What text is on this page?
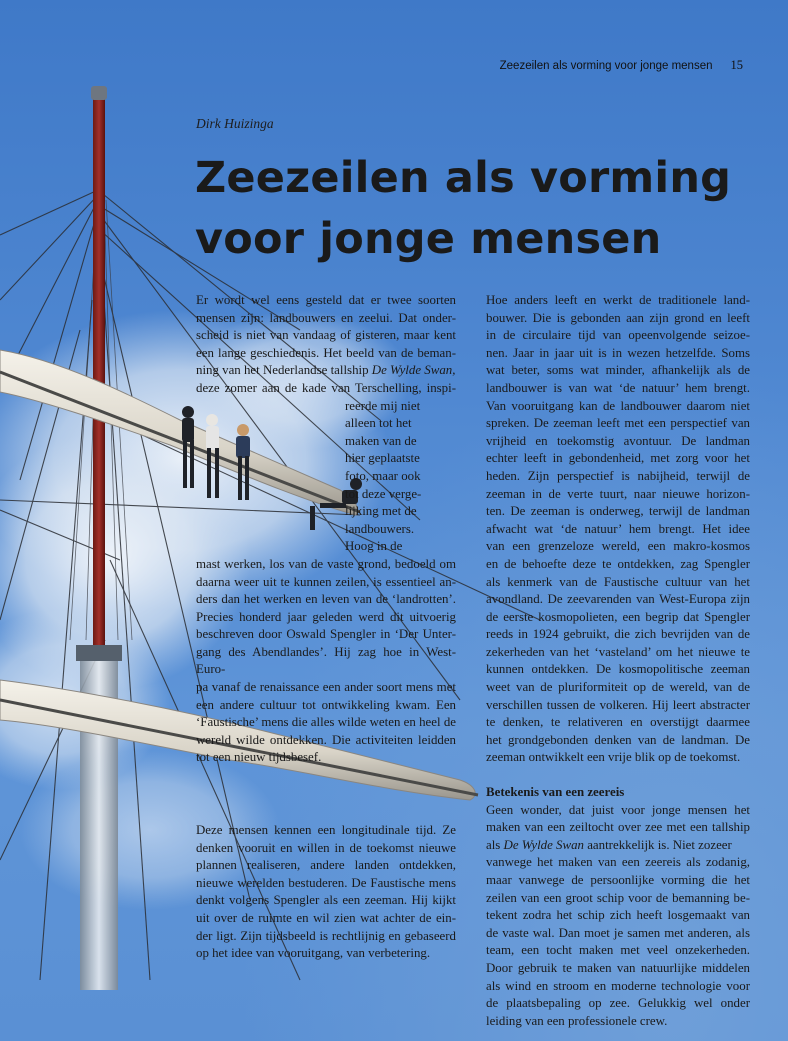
Zeezeilen als vorming voor jonge mensen 15
Dirk Huizinga
Zeezeilen als vorming
voor jonge mensen
Er wordt wel eens gesteld dat er twee soorten
mensen zijn: landbouwers en zeelui. Dat onder-
scheid is niet van vandaag of gisteren, maar kent
een lange geschiedenis. Het beeld van de beman-
ning van het Nederlandse tallship De Wylde Swan,
deze zomer aan de kade van Terschelling, inspi-
reerde mij niet
alleen tot het
maken van de
hier geplaatste
foto, maar ook
tot deze verge-
lijking met de
landbouwers.
Hoog in de
mast werken, los van de vaste grond, bedoeld om
daarna weer uit te kunnen zeilen, is essentieel an-
ders dan het werken en leven van de ‘landrotten’.
Precies honderd jaar geleden werd dit uitvoerig
beschreven door Oswald Spengler in ‘Der Unter-
gang des Abendlandes’. Hij zag hoe in West-Euro-
pa vanaf de renaissance een ander soort mens met
een andere cultuur tot ontwikkeling kwam. Een
‘Faustische’ mens die alles wilde weten en heel de
wereld wilde ontdekken. Die activiteiten leidden
tot een nieuw tijdsbesef.
Deze mensen kennen een longitudinale tijd. Ze
denken vooruit en willen in de toekomst nieuwe
plannen realiseren, andere landen ontdekken,
nieuwe werelden bestuderen. De Faustische mens
denkt volgens Spengler als een zeeman. Hij kijkt
uit over de ruimte en wil zien wat achter de ein-
der ligt. Zijn tijdsbeeld is rechtlijnig en gebaseerd
op het idee van vooruitgang, van verbetering.
Hoe anders leeft en werkt de traditionele land-
bouwer. Die is gebonden aan zijn grond en leeft
in de circulaire tijd van opeenvolgende seizoe-
nen. Jaar in jaar uit is in wezen hetzelfde. Soms
wat beter, soms wat minder, afhankelijk als de
landbouwer is van wat ‘de natuur’ hem brengt.
Van vooruitgang kan de landbouwer daarom niet
spreken. De zeeman leeft met een perspectief van
vrijheid en toekomstig avontuur. De landman
echter leeft in gebondenheid, met zorg voor het
heden. Zijn perspectief is nabijheid, terwijl de
zeeman in de verte tuurt, naar nieuwe horizon-
ten. De zeeman is onderweg, terwijl de landman
afwacht wat ‘de natuur’ hem brengt. Het idee
van een grenzeloze wereld, een makro-kosmos
en de behoefte deze te ontdekken, zag Spengler
als kenmerk van de Faustische cultuur van het
avondland. De zeevarenden van West-Europa zijn
de eerste kosmopolieten, een begrip dat Spengler
reeds in 1924 gebruikt, die zich bevrijden van de
zekerheden van het ‘vasteland’ om het nieuwe te
kunnen ontdekken. De kosmopolitische zeeman
weet van de pluriformiteit op de wereld, van de
verschillen tussen de volkeren. Hij leert abstracter
te denken, te relativeren en overstijgt daarmee
het grondgebonden denken van de landman. De
zeeman ontwikkelt een vrije blik op de toekomst.
Betekenis van een zeereis
Geen wonder, dat juist voor jonge mensen het
maken van een zeiltocht over zee met een tallship
als De Wylde Swan aantrekkelijk is. Niet zozeer
vanwege het maken van een zeereis als zodanig,
maar vanwege de persoonlijke vorming die het
zeilen van een groot schip voor de bemanning be-
tekent zodra het schip zich heeft losgemaakt van
de vaste wal. Dan moet je samen met anderen, als
team, een tocht maken met veel onzekerheden.
Door gebruik te maken van natuurlijke middelen
als wind en stroom en moderne technologie voor
de plaatsbepaling op zee. Gelukkig wel onder
leiding van een professionele crew.
